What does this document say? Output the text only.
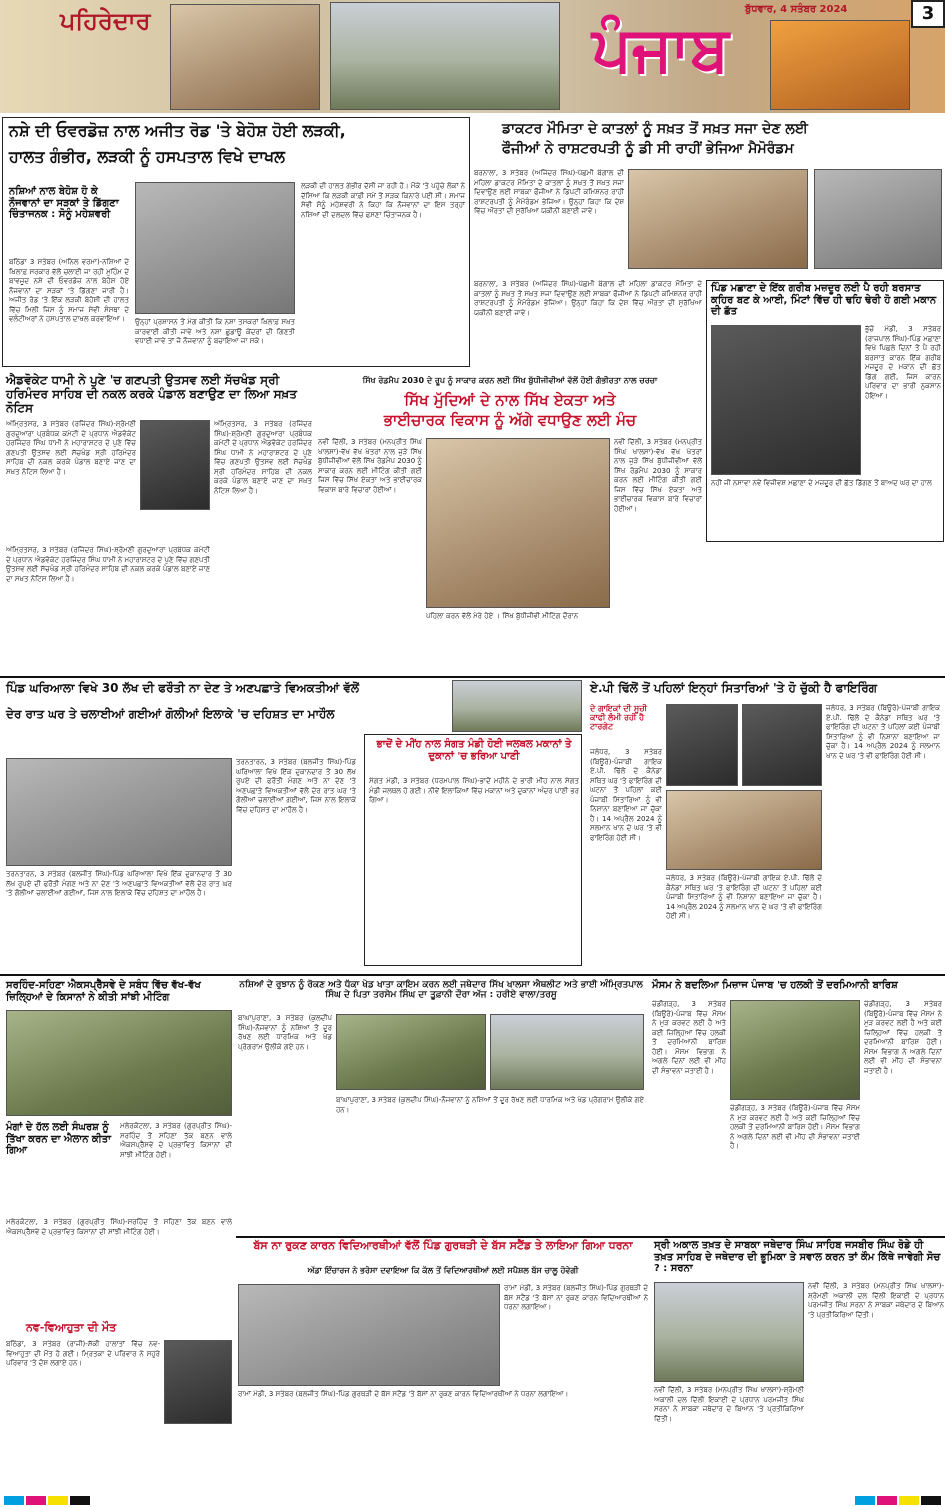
ਪਹਿਰੇਦਾਰ	ਪੰਜਾਬ
ਬੁੱਧਵਾਰ, 4 ਸਤੰਬਰ 2024	3
ਨਸ਼ੇ ਦੀ ਓਵਰਡੋਜ਼ ਨਾਲ ਅਜੀਤ ਰੋਡ 'ਤੇ ਬੇਹੋਸ਼ ਹੋਈ ਲੜਕੀ,
ਹਾਲਤ ਗੰਭੀਰ, ਲੜਕੀ ਨੂੰ ਹਸਪਤਾਲ ਵਿਖੇ ਦਾਖਲ
ਨਸ਼ਿਆਂ ਨਾਲ ਬੇਹੋਸ਼ ਹੋ ਕੇ ਨੌਜਵਾਨਾਂ ਦਾ ਸੜਕਾਂ ਤੇ ਡਿੱਗਣਾ ਚਿੰਤਾਜਨਕ : ਸੋਨੂੰ ਮਹੇਸ਼ਵਰੀ
ਬਠਿੰਡਾ 3 ਸਤੰਬਰ (ਅਨਿਲ ਵਰਮਾ)-ਨਸ਼ਿਆਂ ਦੇ ਖ਼ਿਲਾਫ਼ ਸਰਕਾਰ ਵੱਲੋਂ ਚਲਾਈ ਜਾ ਰਹੀ ਮੁਹਿੰਮ ਦੇ ਬਾਵਜੂਦ ਨਸ਼ੇ ਦੀ ਓਵਰਡੋਜ਼ ਨਾਲ ਬੇਹੋਸ਼ ਹੋਏ ਨੌਜਵਾਨਾਂ ਦਾ ਸੜਕਾਂ 'ਤੇ ਡਿੱਗਣਾ ਜਾਰੀ ਹੈ। ਅਜੀਤ ਰੋਡ 'ਤੇ ਇੱਕ ਲੜਕੀ ਬੇਹੋਸ਼ੀ ਦੀ ਹਾਲਤ ਵਿੱਚ ਮਿਲੀ ਜਿਸ ਨੂੰ ਸਮਾਜ ਸੇਵੀ ਸੰਸਥਾ ਦੇ ਵਲੰਟੀਅਰਾਂ ਨੇ ਹਸਪਤਾਲ ਦਾਖਲ ਕਰਵਾਇਆ।	ਉਨ੍ਹਾਂ ਪ੍ਰਸ਼ਾਸਨ ਤੋਂ ਮੰਗ ਕੀਤੀ ਕਿ ਨਸ਼ਾ ਤਸਕਰਾਂ ਖ਼ਿਲਾਫ਼ ਸਖ਼ਤ ਕਾਰਵਾਈ ਕੀਤੀ ਜਾਵੇ ਅਤੇ ਨਸ਼ਾ ਛੁਡਾਊ ਕੇਂਦਰਾਂ ਦੀ ਗਿਣਤੀ ਵਧਾਈ ਜਾਵੇ ਤਾਂ ਜੋ ਨੌਜਵਾਨਾਂ ਨੂੰ ਬਚਾਇਆ ਜਾ ਸਕੇ।
ਲੜਕੀ ਦੀ ਹਾਲਤ ਗੰਭੀਰ ਦੱਸੀ ਜਾ ਰਹੀ ਹੈ। ਮੌਕੇ 'ਤੇ ਪਹੁੰਚੇ ਲੋਕਾਂ ਨੇ ਦੱਸਿਆ ਕਿ ਲੜਕੀ ਕਾਫ਼ੀ ਸਮੇਂ ਤੋਂ ਸੜਕ ਕਿਨਾਰੇ ਪਈ ਸੀ। ਸਮਾਜ ਸੇਵੀ ਸੋਨੂੰ ਮਹੇਸ਼ਵਰੀ ਨੇ ਕਿਹਾ ਕਿ ਨੌਜਵਾਨਾਂ ਦਾ ਇਸ ਤਰ੍ਹਾਂ ਨਸ਼ਿਆਂ ਦੀ ਦਲਦਲ ਵਿੱਚ ਫਸਣਾ ਚਿੰਤਾਜਨਕ ਹੈ।
ਡਾਕਟਰ ਮੌਮਿਤਾ ਦੇ ਕਾਤਲਾਂ ਨੂੰ ਸਖ਼ਤ ਤੋਂ ਸਖ਼ਤ ਸਜਾ ਦੇਣ ਲਈ
ਫੌਜੀਆਂ ਨੇ ਰਾਸ਼ਟਰਪਤੀ ਨੂੰ ਡੀ ਸੀ ਰਾਹੀਂ ਭੇਜਿਆ ਮੈਮੋਰੰਡਮ
ਬਰਨਾਲਾ, 3 ਸਤੰਬਰ (ਅਜਿੰਦਰ ਸਿੰਘ)-ਪੱਛਮੀ ਬੰਗਾਲ ਦੀ ਮਹਿਲਾ ਡਾਕਟਰ ਮੌਮਿਤਾ ਦੇ ਕਾਤਲਾਂ ਨੂੰ ਸਖ਼ਤ ਤੋਂ ਸਖ਼ਤ ਸਜਾ ਦਿਵਾਉਣ ਲਈ ਸਾਬਕਾ ਫੌਜੀਆਂ ਨੇ ਡਿਪਟੀ ਕਮਿਸ਼ਨਰ ਰਾਹੀਂ ਰਾਸ਼ਟਰਪਤੀ ਨੂੰ ਮੈਮੋਰੰਡਮ ਭੇਜਿਆ। ਉਨ੍ਹਾਂ ਕਿਹਾ ਕਿ ਦੇਸ਼ ਵਿੱਚ ਔਰਤਾਂ ਦੀ ਸੁਰੱਖਿਆ ਯਕੀਨੀ ਬਣਾਈ ਜਾਵੇ।
ਪਿੰਡ ਮਛਾਣਾ ਦੇ ਇੱਕ ਗਰੀਬ ਮਜ਼ਦੂਰ ਲਈ ਪੈ ਰਹੀ ਬਰਸਾਤ ਕਹਿਰ ਬਣ ਕੇ ਆਈ, ਮਿੰਟਾਂ ਵਿੱਚ ਹੀ ਢਹਿ ਢੇਰੀ ਹੋ ਗਈ ਮਕਾਨ ਦੀ ਛੱਤ
ਭੁੱਚੋ ਮੰਡੀ, 3 ਸਤੰਬਰ (ਰਾਜਪਾਲ ਸਿੰਘ)-ਪਿੰਡ ਮਛਾਣਾ ਵਿਖੇ ਪਿਛਲੇ ਦਿਨਾਂ ਤੋਂ ਪੈ ਰਹੀ ਬਰਸਾਤ ਕਾਰਨ ਇੱਕ ਗਰੀਬ ਮਜ਼ਦੂਰ ਦੇ ਮਕਾਨ ਦੀ ਛੱਤ ਡਿੱਗ ਗਈ, ਜਿਸ ਕਾਰਨ ਪਰਿਵਾਰ ਦਾ ਭਾਰੀ ਨੁਕਸਾਨ ਹੋਇਆ।
ਨਹੀਂ ਜੀ ਨਸਾਵਾ ਨਵੇਂ ਵਿਜੀਵਸ਼ ਮਛਾਣਾ ਦੇ ਮਜ਼ਦੂਰ ਦੀ ਛੱਤ ਡਿੱਗਣ ਤੋਂ ਬਾਅਦ ਘਰ ਦਾ ਹਾਲ
ਬਰਨਾਲਾ, 3 ਸਤੰਬਰ (ਅਜਿੰਦਰ ਸਿੰਘ)-ਪੱਛਮੀ ਬੰਗਾਲ ਦੀ ਮਹਿਲਾ ਡਾਕਟਰ ਮੌਮਿਤਾ ਦੇ ਕਾਤਲਾਂ ਨੂੰ ਸਖ਼ਤ ਤੋਂ ਸਖ਼ਤ ਸਜਾ ਦਿਵਾਉਣ ਲਈ ਸਾਬਕਾ ਫੌਜੀਆਂ ਨੇ ਡਿਪਟੀ ਕਮਿਸ਼ਨਰ ਰਾਹੀਂ ਰਾਸ਼ਟਰਪਤੀ ਨੂੰ ਮੈਮੋਰੰਡਮ ਭੇਜਿਆ। ਉਨ੍ਹਾਂ ਕਿਹਾ ਕਿ ਦੇਸ਼ ਵਿੱਚ ਔਰਤਾਂ ਦੀ ਸੁਰੱਖਿਆ ਯਕੀਨੀ ਬਣਾਈ ਜਾਵੇ।
ਐਡਵੋਕੇਟ ਧਾਮੀ ਨੇ ਪੁਣੇ 'ਚ ਗਣਪਤੀ ਉਤਸਵ ਲਈ ਸੱਚਖੰਡ ਸ੍ਰੀ ਹਰਿਮੰਦਰ ਸਾਹਿਬ ਦੀ ਨਕਲ ਕਰਕੇ ਪੰਡਾਲ ਬਣਾਉਣ ਦਾ ਲਿਆ ਸਖ਼ਤ ਨੋਟਿਸ
ਅੰਮ੍ਰਿਤਸਰ, 3 ਸਤੰਬਰ (ਰਜਿੰਦਰ ਸਿੰਘ)-ਸ਼੍ਰੋਮਣੀ ਗੁਰਦੁਆਰਾ ਪ੍ਰਬੰਧਕ ਕਮੇਟੀ ਦੇ ਪ੍ਰਧਾਨ ਐਡਵੋਕੇਟ ਹਰਜਿੰਦਰ ਸਿੰਘ ਧਾਮੀ ਨੇ ਮਹਾਰਾਸ਼ਟਰ ਦੇ ਪੁਣੇ ਵਿੱਚ ਗਣਪਤੀ ਉਤਸਵ ਲਈ ਸੱਚਖੰਡ ਸ੍ਰੀ ਹਰਿਮੰਦਰ ਸਾਹਿਬ ਦੀ ਨਕਲ ਕਰਕੇ ਪੰਡਾਲ ਬਣਾਏ ਜਾਣ ਦਾ ਸਖ਼ਤ ਨੋਟਿਸ ਲਿਆ ਹੈ।
ਅੰਮ੍ਰਿਤਸਰ, 3 ਸਤੰਬਰ (ਰਜਿੰਦਰ ਸਿੰਘ)-ਸ਼੍ਰੋਮਣੀ ਗੁਰਦੁਆਰਾ ਪ੍ਰਬੰਧਕ ਕਮੇਟੀ ਦੇ ਪ੍ਰਧਾਨ ਐਡਵੋਕੇਟ ਹਰਜਿੰਦਰ ਸਿੰਘ ਧਾਮੀ ਨੇ ਮਹਾਰਾਸ਼ਟਰ ਦੇ ਪੁਣੇ ਵਿੱਚ ਗਣਪਤੀ ਉਤਸਵ ਲਈ ਸੱਚਖੰਡ ਸ੍ਰੀ ਹਰਿਮੰਦਰ ਸਾਹਿਬ ਦੀ ਨਕਲ ਕਰਕੇ ਪੰਡਾਲ ਬਣਾਏ ਜਾਣ ਦਾ ਸਖ਼ਤ ਨੋਟਿਸ ਲਿਆ ਹੈ।
ਅੰਮ੍ਰਿਤਸਰ, 3 ਸਤੰਬਰ (ਰਜਿੰਦਰ ਸਿੰਘ)-ਸ਼੍ਰੋਮਣੀ ਗੁਰਦੁਆਰਾ ਪ੍ਰਬੰਧਕ ਕਮੇਟੀ ਦੇ ਪ੍ਰਧਾਨ ਐਡਵੋਕੇਟ ਹਰਜਿੰਦਰ ਸਿੰਘ ਧਾਮੀ ਨੇ ਮਹਾਰਾਸ਼ਟਰ ਦੇ ਪੁਣੇ ਵਿੱਚ ਗਣਪਤੀ ਉਤਸਵ ਲਈ ਸੱਚਖੰਡ ਸ੍ਰੀ ਹਰਿਮੰਦਰ ਸਾਹਿਬ ਦੀ ਨਕਲ ਕਰਕੇ ਪੰਡਾਲ ਬਣਾਏ ਜਾਣ ਦਾ ਸਖ਼ਤ ਨੋਟਿਸ ਲਿਆ ਹੈ।
ਸਿੱਖ ਰੋਡਮੈਪ 2030 ਦੇ ਰੂਪ ਨੂੰ ਸਾਕਾਰ ਕਰਨ ਲਈ ਸਿੱਖ ਬੁੱਧੀਜੀਵੀਆਂ ਵੱਲੋਂ ਹੋਈ ਗੰਭੀਰਤਾ ਨਾਲ ਚਰਚਾ
ਸਿੱਖ ਮੁੱਦਿਆਂ ਦੇ ਨਾਲ ਸਿੱਖ ਏਕਤਾ ਅਤੇ
ਭਾਈਚਾਰਕ ਵਿਕਾਸ ਨੂੰ ਅੱਗੇ ਵਧਾਉਣ ਲਈ ਮੰਚ
ਨਵੀਂ ਦਿੱਲੀ, 3 ਸਤੰਬਰ (ਮਨਪ੍ਰੀਤ ਸਿੰਘ ਖਾਲਸਾ)-ਵੱਖ ਵੱਖ ਖੇਤਰਾਂ ਨਾਲ ਜੁੜੇ ਸਿੱਖ ਬੁੱਧੀਜੀਵੀਆਂ ਵੱਲੋਂ ਸਿੱਖ ਰੋਡਮੈਪ 2030 ਨੂੰ ਸਾਕਾਰ ਕਰਨ ਲਈ ਮੀਟਿੰਗ ਕੀਤੀ ਗਈ ਜਿਸ ਵਿੱਚ ਸਿੱਖ ਏਕਤਾ ਅਤੇ ਭਾਈਚਾਰਕ ਵਿਕਾਸ ਬਾਰੇ ਵਿਚਾਰਾਂ ਹੋਈਆਂ।
ਨਵੀਂ ਦਿੱਲੀ, 3 ਸਤੰਬਰ (ਮਨਪ੍ਰੀਤ ਸਿੰਘ ਖਾਲਸਾ)-ਵੱਖ ਵੱਖ ਖੇਤਰਾਂ ਨਾਲ ਜੁੜੇ ਸਿੱਖ ਬੁੱਧੀਜੀਵੀਆਂ ਵੱਲੋਂ ਸਿੱਖ ਰੋਡਮੈਪ 2030 ਨੂੰ ਸਾਕਾਰ ਕਰਨ ਲਈ ਮੀਟਿੰਗ ਕੀਤੀ ਗਈ ਜਿਸ ਵਿੱਚ ਸਿੱਖ ਏਕਤਾ ਅਤੇ ਭਾਈਚਾਰਕ ਵਿਕਾਸ ਬਾਰੇ ਵਿਚਾਰਾਂ ਹੋਈਆਂ।
ਪਹਿਲਾ ਕਰਨ ਵੱਲੋਂ ਮੇਰੇ ਹੋਏ । ਸਿੱਖ ਬੁੱਧੀਜੀਵੀ ਮੀਟਿੰਗ ਦੌਰਾਨ
ਪਿੰਡ ਘਰਿਆਲਾ ਵਿਖੇ 30 ਲੱਖ ਦੀ ਫਰੌਤੀ ਨਾ ਦੇਣ ਤੇ ਅਣਪਛਾਤੇ ਵਿਅਕਤੀਆਂ ਵੱਲੋਂ
ਦੇਰ ਰਾਤ ਘਰ ਤੇ ਚਲਾਈਆਂ ਗਈਆਂ ਗੋਲੀਆਂ ਇਲਾਕੇ 'ਚ ਦਹਿਸ਼ਤ ਦਾ ਮਾਹੌਲ
ਤਰਨਤਾਰਨ, 3 ਸਤੰਬਰ (ਬਲਜੀਤ ਸਿੰਘ)-ਪਿੰਡ ਘਰਿਆਲਾ ਵਿਖੇ ਇੱਕ ਦੁਕਾਨਦਾਰ ਤੋਂ 30 ਲੱਖ ਰੁਪਏ ਦੀ ਫਰੌਤੀ ਮੰਗਣ ਅਤੇ ਨਾ ਦੇਣ 'ਤੇ ਅਣਪਛਾਤੇ ਵਿਅਕਤੀਆਂ ਵੱਲੋਂ ਦੇਰ ਰਾਤ ਘਰ 'ਤੇ ਗੋਲੀਆਂ ਚਲਾਈਆਂ ਗਈਆਂ, ਜਿਸ ਨਾਲ ਇਲਾਕੇ ਵਿੱਚ ਦਹਿਸ਼ਤ ਦਾ ਮਾਹੌਲ ਹੈ।
ਤਰਨਤਾਰਨ, 3 ਸਤੰਬਰ (ਬਲਜੀਤ ਸਿੰਘ)-ਪਿੰਡ ਘਰਿਆਲਾ ਵਿਖੇ ਇੱਕ ਦੁਕਾਨਦਾਰ ਤੋਂ 30 ਲੱਖ ਰੁਪਏ ਦੀ ਫਰੌਤੀ ਮੰਗਣ ਅਤੇ ਨਾ ਦੇਣ 'ਤੇ ਅਣਪਛਾਤੇ ਵਿਅਕਤੀਆਂ ਵੱਲੋਂ ਦੇਰ ਰਾਤ ਘਰ 'ਤੇ ਗੋਲੀਆਂ ਚਲਾਈਆਂ ਗਈਆਂ, ਜਿਸ ਨਾਲ ਇਲਾਕੇ ਵਿੱਚ ਦਹਿਸ਼ਤ ਦਾ ਮਾਹੌਲ ਹੈ।
ਭਾਦੋਂ ਦੇ ਮੀਂਹ ਨਾਲ ਸੰਗਤ ਮੰਡੀ ਹੋਈ ਜਲਥਲ ਮਕਾਨਾਂ ਤੇ ਦੁਕਾਨਾਂ 'ਚ ਭਰਿਆ ਪਾਣੀ
ਸੰਗਤ ਮੰਡੀ, 3 ਸਤੰਬਰ (ਧਰਮਪਾਲ ਸਿੰਘ)-ਭਾਦੋਂ ਮਹੀਨੇ ਦੇ ਭਾਰੀ ਮੀਂਹ ਨਾਲ ਸੰਗਤ ਮੰਡੀ ਜਲਥਲ ਹੋ ਗਈ। ਨੀਵੇਂ ਇਲਾਕਿਆਂ ਵਿੱਚ ਮਕਾਨਾਂ ਅਤੇ ਦੁਕਾਨਾਂ ਅੰਦਰ ਪਾਣੀ ਭਰ ਗਿਆ।
ਏ.ਪੀ ਢਿੱਲੋਂ ਤੋਂ ਪਹਿਲਾਂ ਇਨ੍ਹਾਂ ਸਿਤਾਰਿਆਂ 'ਤੇ ਹੋ ਚੁੱਕੀ ਹੈ ਫਾਇਰਿੰਗ
ਦੇ ਗਾਇਕਾਂ ਦੀ ਸੂਚੀ ਕਾਫੀ ਲੰਮੀ ਰਹੀ ਹੈ ਟਾਰਗੇਟ
ਜਲੰਧਰ, 3 ਸਤੰਬਰ (ਬਿਊਰੋ)-ਪੰਜਾਬੀ ਗਾਇਕ ਏ.ਪੀ. ਢਿੱਲੋਂ ਦੇ ਕੈਨੇਡਾ ਸਥਿਤ ਘਰ 'ਤੇ ਫਾਇਰਿੰਗ ਦੀ ਘਟਨਾ ਤੋਂ ਪਹਿਲਾਂ ਕਈ ਪੰਜਾਬੀ ਸਿਤਾਰਿਆਂ ਨੂੰ ਵੀ ਨਿਸ਼ਾਨਾ ਬਣਾਇਆ ਜਾ ਚੁੱਕਾ ਹੈ। 14 ਅਪ੍ਰੈਲ 2024 ਨੂੰ ਸਲਮਾਨ ਖਾਨ ਦੇ ਘਰ 'ਤੇ ਵੀ ਫਾਇਰਿੰਗ ਹੋਈ ਸੀ।
ਜਲੰਧਰ, 3 ਸਤੰਬਰ (ਬਿਊਰੋ)-ਪੰਜਾਬੀ ਗਾਇਕ ਏ.ਪੀ. ਢਿੱਲੋਂ ਦੇ ਕੈਨੇਡਾ ਸਥਿਤ ਘਰ 'ਤੇ ਫਾਇਰਿੰਗ ਦੀ ਘਟਨਾ ਤੋਂ ਪਹਿਲਾਂ ਕਈ ਪੰਜਾਬੀ ਸਿਤਾਰਿਆਂ ਨੂੰ ਵੀ ਨਿਸ਼ਾਨਾ ਬਣਾਇਆ ਜਾ ਚੁੱਕਾ ਹੈ। 14 ਅਪ੍ਰੈਲ 2024 ਨੂੰ ਸਲਮਾਨ ਖਾਨ ਦੇ ਘਰ 'ਤੇ ਵੀ ਫਾਇਰਿੰਗ ਹੋਈ ਸੀ।
ਜਲੰਧਰ, 3 ਸਤੰਬਰ (ਬਿਊਰੋ)-ਪੰਜਾਬੀ ਗਾਇਕ ਏ.ਪੀ. ਢਿੱਲੋਂ ਦੇ ਕੈਨੇਡਾ ਸਥਿਤ ਘਰ 'ਤੇ ਫਾਇਰਿੰਗ ਦੀ ਘਟਨਾ ਤੋਂ ਪਹਿਲਾਂ ਕਈ ਪੰਜਾਬੀ ਸਿਤਾਰਿਆਂ ਨੂੰ ਵੀ ਨਿਸ਼ਾਨਾ ਬਣਾਇਆ ਜਾ ਚੁੱਕਾ ਹੈ। 14 ਅਪ੍ਰੈਲ 2024 ਨੂੰ ਸਲਮਾਨ ਖਾਨ ਦੇ ਘਰ 'ਤੇ ਵੀ ਫਾਇਰਿੰਗ ਹੋਈ ਸੀ।
ਸਰਹਿੰਦ-ਸਹਿਣਾ ਐਕਸਪ੍ਰੈੱਸਵੇ ਦੇ ਸਬੰਧ ਵਿੱਚ ਵੱਖ-ਵੱਖ ਜ਼ਿਲ੍ਹਿਆਂ ਦੇ ਕਿਸਾਨਾਂ ਨੇ ਕੀਤੀ ਸਾਂਝੀ ਮੀਟਿੰਗ
ਮੰਗਾਂ ਦੇ ਹੱਲ ਲਈ ਸੰਘਰਸ਼ ਨੂੰ ਤਿੱਖਾ ਕਰਨ ਦਾ ਐਲਾਨ ਕੀਤਾ ਗਿਆ
ਮਲੇਰਕੋਟਲਾ, 3 ਸਤੰਬਰ (ਗੁਰਪ੍ਰੀਤ ਸਿੰਘ)-ਸਰਹਿੰਦ ਤੋਂ ਸਹਿਣਾ ਤੱਕ ਬਣਨ ਵਾਲੇ ਐਕਸਪ੍ਰੈੱਸਵੇ ਦੇ ਪ੍ਰਭਾਵਿਤ ਕਿਸਾਨਾਂ ਦੀ ਸਾਂਝੀ ਮੀਟਿੰਗ ਹੋਈ।
ਮਲੇਰਕੋਟਲਾ, 3 ਸਤੰਬਰ (ਗੁਰਪ੍ਰੀਤ ਸਿੰਘ)-ਸਰਹਿੰਦ ਤੋਂ ਸਹਿਣਾ ਤੱਕ ਬਣਨ ਵਾਲੇ ਐਕਸਪ੍ਰੈੱਸਵੇ ਦੇ ਪ੍ਰਭਾਵਿਤ ਕਿਸਾਨਾਂ ਦੀ ਸਾਂਝੀ ਮੀਟਿੰਗ ਹੋਈ।
ਨਸ਼ਿਆਂ ਦੇ ਰੁਝਾਨ ਨੂੰ ਰੋਕਣ ਅਤੇ ਧੱਕਾ ਖੇਡ ਖਾਤਾ ਕਾਇਮ ਕਰਨ ਲਈ ਜਥੇਦਾਰ ਸਿੱਖ ਖਾਲਸਾ ਐਥਲੀਟ ਅਤੇ ਭਾਈ ਅੰਮ੍ਰਿਤਪਾਲ ਸਿੰਘ ਦੇ ਪਿਤਾ ਤਰਸੇਮ ਸਿੰਘ ਦਾ ਤੂਫ਼ਾਨੀ ਦੌਰਾ ਅੱਜ : ਹਰੀਏ ਵਾਲਾ/ਤਰਸੂ
ਬਾਘਾਪੁਰਾਣਾ, 3 ਸਤੰਬਰ (ਕੁਲਦੀਪ ਸਿੰਘ)-ਨੌਜਵਾਨਾਂ ਨੂੰ ਨਸ਼ਿਆਂ ਤੋਂ ਦੂਰ ਰੱਖਣ ਲਈ ਧਾਰਮਿਕ ਅਤੇ ਖੇਡ ਪ੍ਰੋਗਰਾਮ ਉਲੀਕੇ ਗਏ ਹਨ।
ਬਾਘਾਪੁਰਾਣਾ, 3 ਸਤੰਬਰ (ਕੁਲਦੀਪ ਸਿੰਘ)-ਨੌਜਵਾਨਾਂ ਨੂੰ ਨਸ਼ਿਆਂ ਤੋਂ ਦੂਰ ਰੱਖਣ ਲਈ ਧਾਰਮਿਕ ਅਤੇ ਖੇਡ ਪ੍ਰੋਗਰਾਮ ਉਲੀਕੇ ਗਏ ਹਨ।
ਮੌਸਮ ਨੇ ਬਦਲਿਆ ਮਿਜ਼ਾਜ ਪੰਜਾਬ 'ਚ ਹਲਕੀ ਤੋਂ ਦਰਮਿਆਨੀ ਬਾਰਿਸ਼
ਚੰਡੀਗੜ੍ਹ, 3 ਸਤੰਬਰ (ਬਿਊਰੋ)-ਪੰਜਾਬ ਵਿੱਚ ਮੌਸਮ ਨੇ ਮੁੜ ਕਰਵਟ ਲਈ ਹੈ ਅਤੇ ਕਈ ਜ਼ਿਲ੍ਹਿਆਂ ਵਿੱਚ ਹਲਕੀ ਤੋਂ ਦਰਮਿਆਨੀ ਬਾਰਿਸ਼ ਹੋਈ। ਮੌਸਮ ਵਿਭਾਗ ਨੇ ਅਗਲੇ ਦਿਨਾਂ ਲਈ ਵੀ ਮੀਂਹ ਦੀ ਸੰਭਾਵਨਾ ਜਤਾਈ ਹੈ।
ਚੰਡੀਗੜ੍ਹ, 3 ਸਤੰਬਰ (ਬਿਊਰੋ)-ਪੰਜਾਬ ਵਿੱਚ ਮੌਸਮ ਨੇ ਮੁੜ ਕਰਵਟ ਲਈ ਹੈ ਅਤੇ ਕਈ ਜ਼ਿਲ੍ਹਿਆਂ ਵਿੱਚ ਹਲਕੀ ਤੋਂ ਦਰਮਿਆਨੀ ਬਾਰਿਸ਼ ਹੋਈ। ਮੌਸਮ ਵਿਭਾਗ ਨੇ ਅਗਲੇ ਦਿਨਾਂ ਲਈ ਵੀ ਮੀਂਹ ਦੀ ਸੰਭਾਵਨਾ ਜਤਾਈ ਹੈ।
ਚੰਡੀਗੜ੍ਹ, 3 ਸਤੰਬਰ (ਬਿਊਰੋ)-ਪੰਜਾਬ ਵਿੱਚ ਮੌਸਮ ਨੇ ਮੁੜ ਕਰਵਟ ਲਈ ਹੈ ਅਤੇ ਕਈ ਜ਼ਿਲ੍ਹਿਆਂ ਵਿੱਚ ਹਲਕੀ ਤੋਂ ਦਰਮਿਆਨੀ ਬਾਰਿਸ਼ ਹੋਈ। ਮੌਸਮ ਵਿਭਾਗ ਨੇ ਅਗਲੇ ਦਿਨਾਂ ਲਈ ਵੀ ਮੀਂਹ ਦੀ ਸੰਭਾਵਨਾ ਜਤਾਈ ਹੈ।
ਨਵ-ਵਿਆਹੁਤਾ ਦੀ ਮੌਤ
ਬਠਿੰਡਾ, 3 ਸਤੰਬਰ (ਰਾਜੀ)-ਸ਼ੱਕੀ ਹਾਲਾਤਾਂ ਵਿੱਚ ਨਵ-ਵਿਆਹੁਤਾ ਦੀ ਮੌਤ ਹੋ ਗਈ। ਮ੍ਰਿਤਕਾ ਦੇ ਪਰਿਵਾਰ ਨੇ ਸਹੁਰੇ ਪਰਿਵਾਰ 'ਤੇ ਦੋਸ਼ ਲਗਾਏ ਹਨ।
ਬੱਸ ਨਾ ਰੁਕਣ ਕਾਰਨ ਵਿਦਿਆਰਥੀਆਂ ਵੱਲੋਂ ਪਿੰਡ ਗੁਰਥੜੀ ਦੇ ਬੱਸ ਸਟੈਂਡ ਤੇ ਲਾਇਆ ਗਿਆ ਧਰਨਾ
ਅੱਡਾ ਇੰਚਾਰਜ ਨੇ ਭਰੋਸਾ ਦਵਾਇਆ ਕਿ ਕੱਲ ਤੋਂ ਵਿਦਿਆਰਥੀਆਂ ਲਈ ਸਪੈਸ਼ਲ ਬੱਸ ਚਾਲੂ ਹੋਵੇਗੀ
ਰਾਮਾਂ ਮੰਡੀ, 3 ਸਤੰਬਰ (ਬਲਜੀਤ ਸਿੰਘ)-ਪਿੰਡ ਗੁਰਥੜੀ ਦੇ ਬੱਸ ਸਟੈਂਡ 'ਤੇ ਬੱਸਾਂ ਨਾ ਰੁਕਣ ਕਾਰਨ ਵਿਦਿਆਰਥੀਆਂ ਨੇ ਧਰਨਾ ਲਗਾਇਆ।
ਰਾਮਾਂ ਮੰਡੀ, 3 ਸਤੰਬਰ (ਬਲਜੀਤ ਸਿੰਘ)-ਪਿੰਡ ਗੁਰਥੜੀ ਦੇ ਬੱਸ ਸਟੈਂਡ 'ਤੇ ਬੱਸਾਂ ਨਾ ਰੁਕਣ ਕਾਰਨ ਵਿਦਿਆਰਥੀਆਂ ਨੇ ਧਰਨਾ ਲਗਾਇਆ।
ਸ੍ਰੀ ਅਕਾਲ ਤਖ਼ਤ ਦੇ ਸਾਬਕਾ ਜਥੇਦਾਰ ਸਿੰਘ ਸਾਹਿਬ ਜਸਬੀਰ ਸਿੰਘ ਰੋਡੇ ਹੀ ਤਖ਼ਤ ਸਾਹਿਬ ਦੇ ਜਥੇਦਾਰ ਦੀ ਭੂਮਿਕਾ ਤੇ ਸਵਾਲ ਕਰਨ ਤਾਂ ਕੌਮ ਕਿੱਥੇ ਜਾਵੇਗੀ ਸੋਚ ? : ਸਰਨਾ
ਨਵੀਂ ਦਿੱਲੀ, 3 ਸਤੰਬਰ (ਮਨਪ੍ਰੀਤ ਸਿੰਘ ਖਾਲਸਾ)-ਸ਼੍ਰੋਮਣੀ ਅਕਾਲੀ ਦਲ ਦਿੱਲੀ ਇਕਾਈ ਦੇ ਪ੍ਰਧਾਨ ਪਰਮਜੀਤ ਸਿੰਘ ਸਰਨਾ ਨੇ ਸਾਬਕਾ ਜਥੇਦਾਰ ਦੇ ਬਿਆਨ 'ਤੇ ਪ੍ਰਤੀਕਿਰਿਆ ਦਿੱਤੀ।
ਨਵੀਂ ਦਿੱਲੀ, 3 ਸਤੰਬਰ (ਮਨਪ੍ਰੀਤ ਸਿੰਘ ਖਾਲਸਾ)-ਸ਼੍ਰੋਮਣੀ ਅਕਾਲੀ ਦਲ ਦਿੱਲੀ ਇਕਾਈ ਦੇ ਪ੍ਰਧਾਨ ਪਰਮਜੀਤ ਸਿੰਘ ਸਰਨਾ ਨੇ ਸਾਬਕਾ ਜਥੇਦਾਰ ਦੇ ਬਿਆਨ 'ਤੇ ਪ੍ਰਤੀਕਿਰਿਆ ਦਿੱਤੀ।
